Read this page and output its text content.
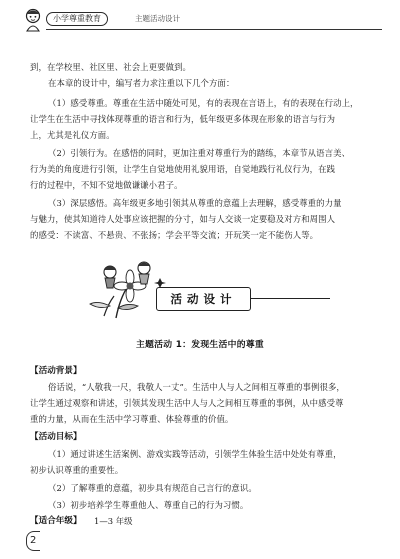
小学尊重教育	主题活动设计
到，在学校里、社区里、社会上更要做到。
在本章的设计中，编写者力求注重以下几个方面：
（1）感受尊重。尊重在生活中随处可见，有的表现在言语上，有的表现在行动上，
让学生在生活中寻找体现尊重的语言和行为，低年级更多体现在形象的语言与行为
上，尤其是礼仪方面。
（2）引领行为。在感悟的同时，更加注重对尊重行为的踏练，本章节从语言美、
行为美的角度进行引领，让学生自觉地使用礼貌用语，自觉地践行礼仪行为，在践
行的过程中，不知不觉地做谦谦小君子。
（3）深层感悟。高年级更多地引领其从尊重的意蕴上去理解，感受尊重的力量
与魅力，使其知道待人处事应该把握的分寸，如与人交谈一定要稳及对方和周围人
的感受：不读富、不悬贵、不张扬；学会平等交流；开玩笑一定不能伤人等。
活动设计
主题活动 1：发现生活中的尊重
【活动背景】
俗话说，“人敬我一尺，我敬人一丈”。生活中人与人之间相互尊重的事例很多，
让学生通过观察和讲述，引领其发现生活中人与人之间相互尊重的事例，从中感受尊
重的力量，从而在生活中学习尊重、体验尊重的价值。
【活动目标】
（1）通过讲述生活案例、游戏实践等活动，引领学生体验生活中处处有尊重，
初步认识尊重的重要性。
（2）了解尊重的意蕴，初步具有规范自己言行的意识。
（3）初步培养学生尊重他人、尊重自己的行为习惯。
【适合年级】 1—3 年级
2
